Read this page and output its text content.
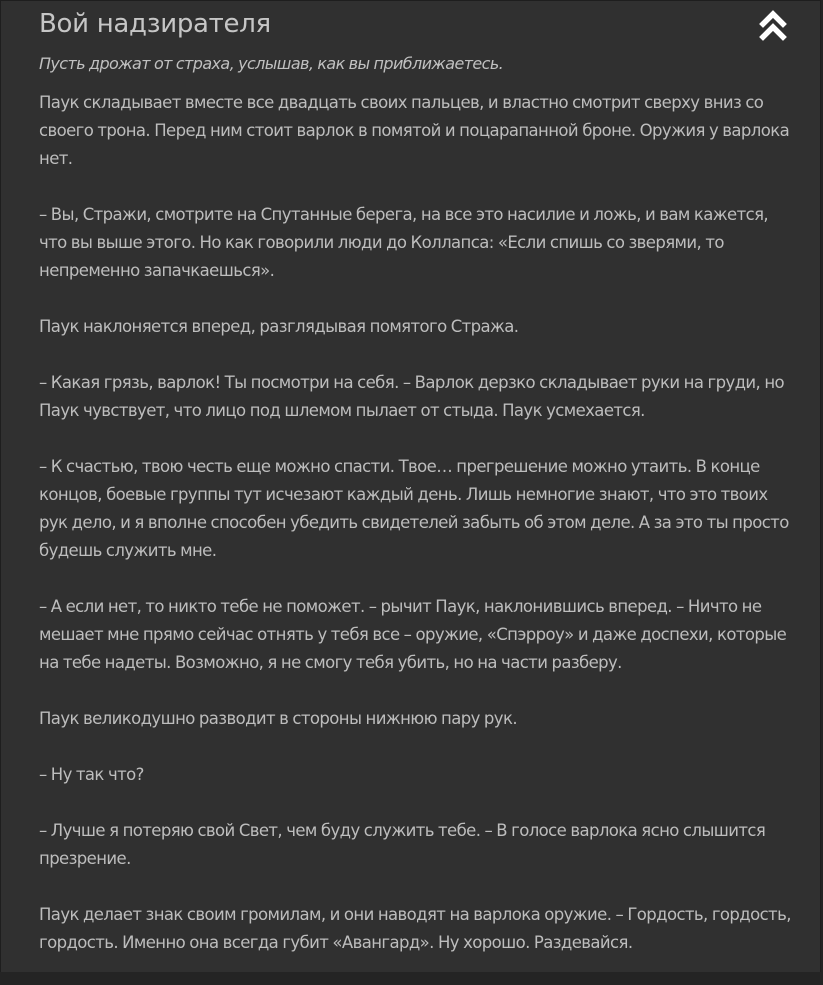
Вой надзирателя

Пусть дрожат от страха, услышав, как вы приближаетесь.

Паук складывает вместе все двадцать своих пальцев, и властно смотрит сверху вниз со своего трона. Перед ним стоит варлок в помятой и поцарапанной броне. Оружия у варлока нет.

– Вы, Стражи, смотрите на Спутанные берега, на все это насилие и ложь, и вам кажется, что вы выше этого. Но как говорили люди до Коллапса: «Если спишь со зверями, то непременно запачкаешься».

Паук наклоняется вперед, разглядывая помятого Стража.

– Какая грязь, варлок! Ты посмотри на себя. – Варлок дерзко складывает руки на груди, но Паук чувствует, что лицо под шлемом пылает от стыда. Паук усмехается.

– К счастью, твою честь еще можно спасти. Твое… прегрешение можно утаить. В конце концов, боевые группы тут исчезают каждый день. Лишь немногие знают, что это твоих рук дело, и я вполне способен убедить свидетелей забыть об этом деле. А за это ты просто будешь служить мне.

– А если нет, то никто тебе не поможет. – рычит Паук, наклонившись вперед. – Ничто не мешает мне прямо сейчас отнять у тебя все – оружие, «Спэрроу» и даже доспехи, которые на тебе надеты. Возможно, я не смогу тебя убить, но на части разберу.

Паук великодушно разводит в стороны нижнюю пару рук.

– Ну так что?

– Лучше я потеряю свой Свет, чем буду служить тебе. – В голосе варлока ясно слышится презрение.

Паук делает знак своим громилам, и они наводят на варлока оружие. – Гордость, гордость, гордость. Именно она всегда губит «Авангард». Ну хорошо. Раздевайся.
